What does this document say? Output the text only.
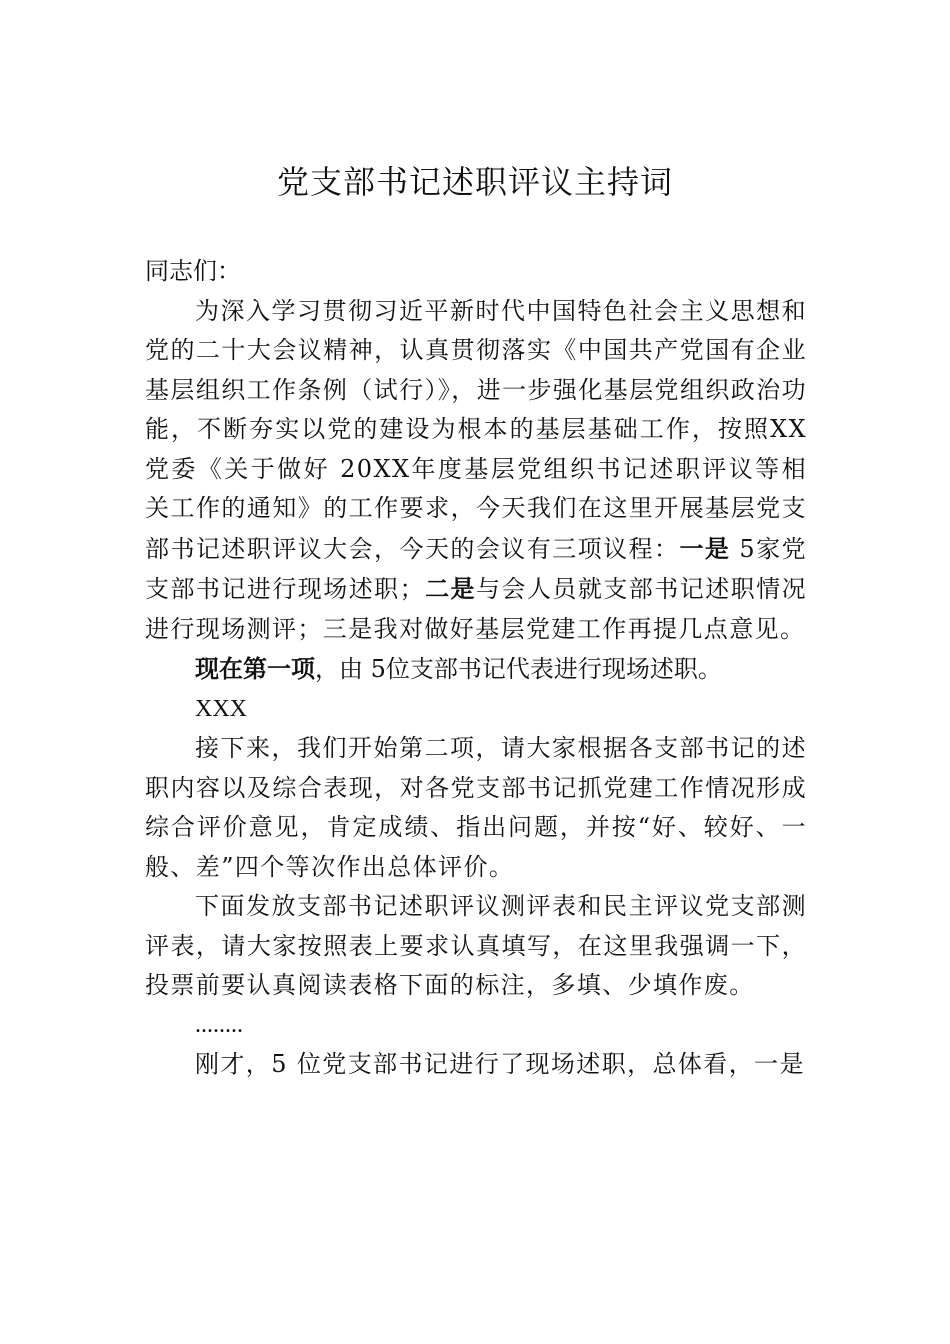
党支部书记述职评议主持词

同志们：

为深入学习贯彻习近平新时代中国特色社会主义思想和党的二十大会议精神，认真贯彻落实《中国共产党国有企业基层组织工作条例（试行）》，进一步强化基层党组织政治功能，不断夯实以党的建设为根本的基层基础工作，按照XX党委《关于做好 20XX年度基层党组织书记述职评议等相关工作的通知》的工作要求，今天我们在这里开展基层党支部书记述职评议大会，今天的会议有三项议程：一是 5家党支部书记进行现场述职；二是与会人员就支部书记述职情况进行现场测评；三是我对做好基层党建工作再提几点意见。

现在第一项，由 5位支部书记代表进行现场述职。

XXX

接下来，我们开始第二项，请大家根据各支部书记的述职内容以及综合表现，对各党支部书记抓党建工作情况形成综合评价意见，肯定成绩、指出问题，并按“好、较好、一般、差”四个等次作出总体评价。

下面发放支部书记述职评议测评表和民主评议党支部测评表，请大家按照表上要求认真填写，在这里我强调一下，投票前要认真阅读表格下面的标注，多填、少填作废。

........

刚才，5 位党支部书记进行了现场述职，总体看，一是
